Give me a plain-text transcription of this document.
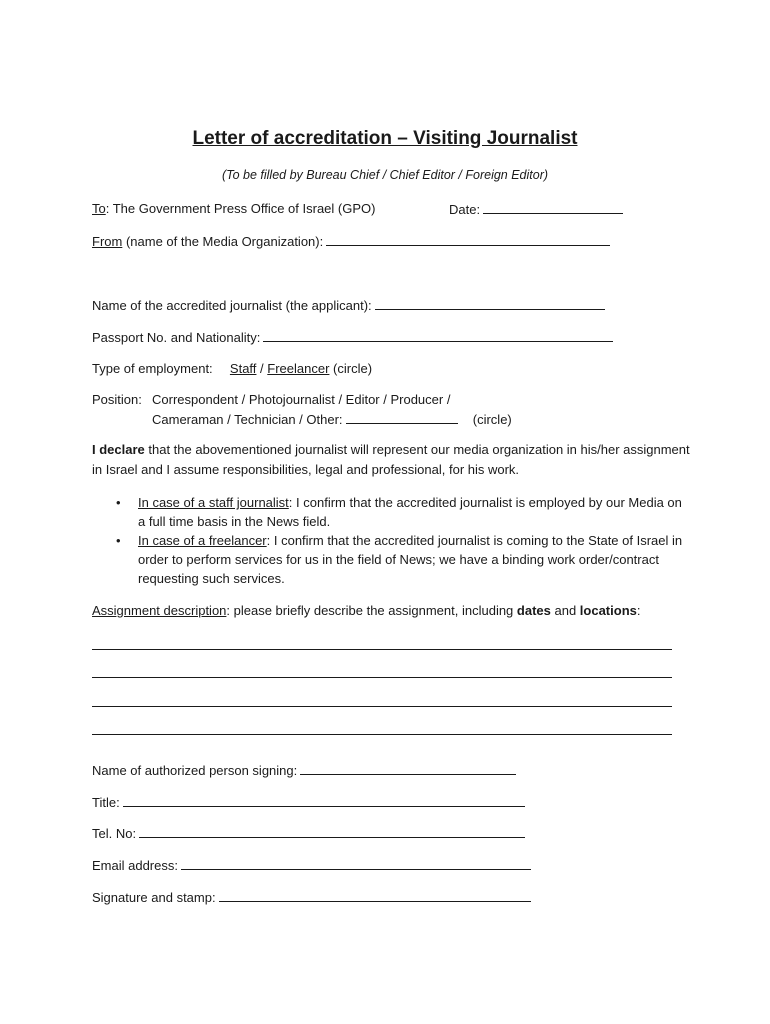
Letter of accreditation – Visiting Journalist
(To be filled by Bureau Chief / Chief Editor / Foreign Editor)
To: The Government Press Office of Israel (GPO)	Date:
From (name of the Media Organization):
Name of the accredited journalist (the applicant):
Passport No. and Nationality:
Type of employment: Staff / Freelancer (circle)
Position: Correspondent / Photojournalist / Editor / Producer /
Cameraman / Technician / Other:	(circle)
I declare that the abovementioned journalist will represent our media organization in his/her assignment in Israel and I assume responsibilities, legal and professional, for his work.
• In case of a staff journalist: I confirm that the accredited journalist is employed by our Media on a full time basis in the News field.
• In case of a freelancer: I confirm that the accredited journalist is coming to the State of Israel in order to perform services for us in the field of News; we have a binding work order/contract requesting such services.
Assignment description: please briefly describe the assignment, including dates and locations:
Name of authorized person signing:
Title:
Tel. No:
Email address:
Signature and stamp:
